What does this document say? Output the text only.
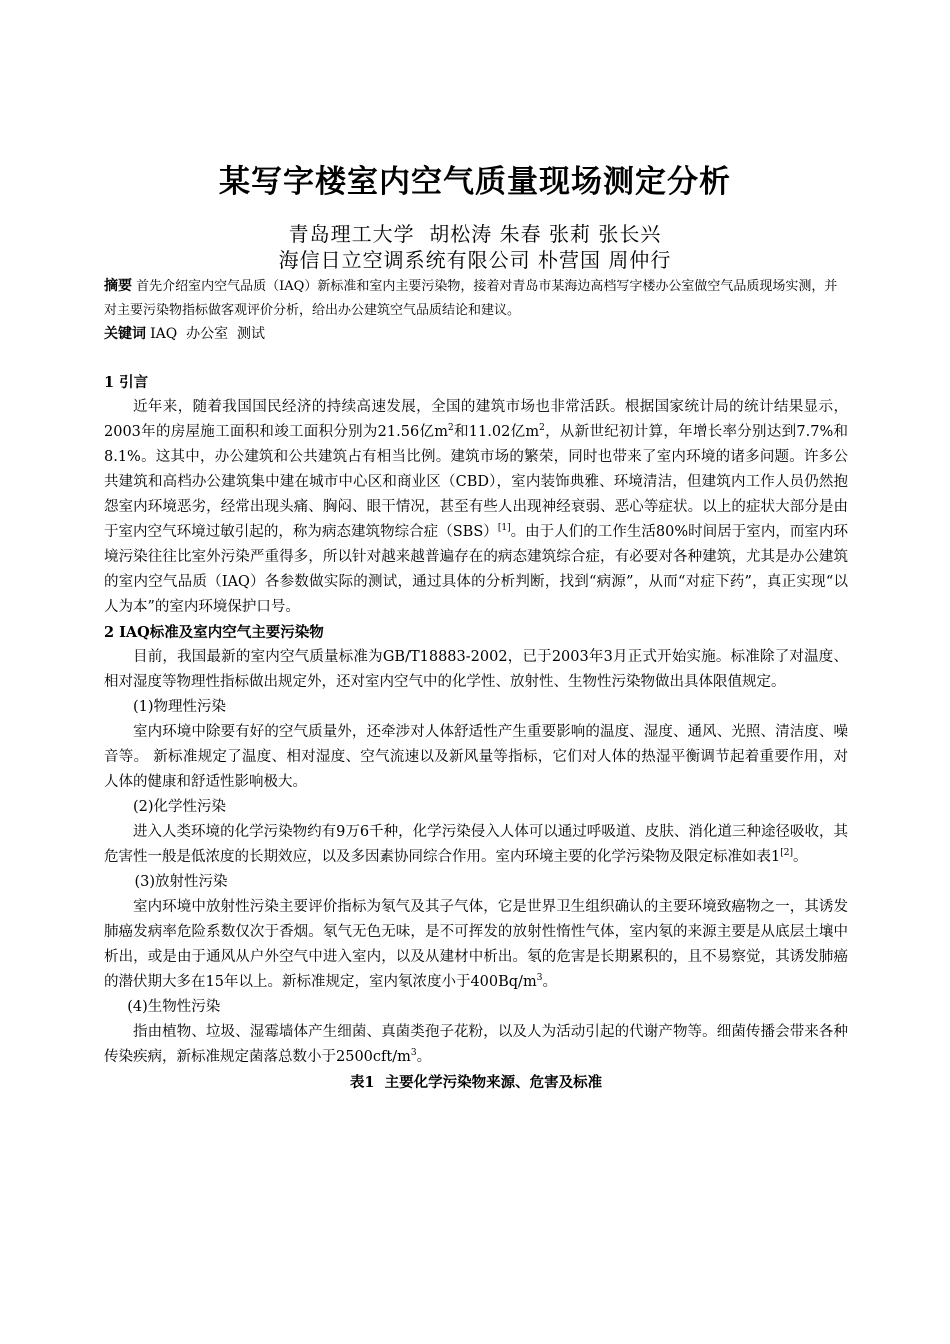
某写字楼室内空气质量现场测定分析
青岛理工大学  胡松涛 朱春 张莉 张长兴
海信日立空调系统有限公司 朴营国 周仲行
摘要 首先介绍室内空气品质（IAQ）新标准和室内主要污染物，接着对青岛市某海边高档写字楼办公室做空气品质现场实测，并对主要污染物指标做客观评价分析，给出办公建筑空气品质结论和建议。
关键词 IAQ  办公室  测试

1 引言

近年来，随着我国国民经济的持续高速发展，全国的建筑市场也非常活跃。根据国家统计局的统计结果显示，2003年的房屋施工面积和竣工面积分别为21.56亿$m^2$和11.02亿$m^2$，从新世纪初计算，年增长率分别达到7.7%和8.1%。这其中，办公建筑和公共建筑占有相当比例。建筑市场的繁荣，同时也带来了室内环境的诸多问题。许多公共建筑和高档办公建筑集中建在城市中心区和商业区（CBD），室内装饰典雅、环境清洁，但建筑内工作人员仍然抱怨室内环境恶劣，经常出现头痛、胸闷、眼干情况，甚至有些人出现神经衰弱、恶心等症状。以上的症状大部分是由于室内空气环境过敏引起的，称为病态建筑物综合症（SBS）[1]。由于人们的工作生活80%时间居于室内，而室内环境污染往往比室外污染严重得多，所以针对越来越普遍存在的病态建筑综合症，有必要对各种建筑，尤其是办公建筑的室内空气品质（IAQ）各参数做实际的测试，通过具体的分析判断，找到“病源”，从而“对症下药”，真正实现“以人为本”的室内环境保护口号。

2 IAQ标准及室内空气主要污染物

目前，我国最新的室内空气质量标准为GB/T18883-2002，已于2003年3月正式开始实施。标准除了对温度、相对湿度等物理性指标做出规定外，还对室内空气中的化学性、放射性、生物性污染物做出具体限值规定。

(1)物理性污染

室内环境中除要有好的空气质量外，还牵涉对人体舒适性产生重要影响的温度、湿度、通风、光照、清洁度、噪音等。 新标准规定了温度、相对湿度、空气流速以及新风量等指标，它们对人体的热湿平衡调节起着重要作用，对人体的健康和舒适性影响极大。

(2)化学性污染

进入人类环境的化学污染物约有9万6千种，化学污染侵入人体可以通过呼吸道、皮肤、消化道三种途径吸收，其危害性一般是低浓度的长期效应，以及多因素协同综合作用。室内环境主要的化学污染物及限定标准如表1[2]。

(3)放射性污染

室内环境中放射性污染主要评价指标为氡气及其子气体，它是世界卫生组织确认的主要环境致癌物之一，其诱发肺癌发病率危险系数仅次于香烟。氡气无色无味，是不可挥发的放射性惰性气体，室内氡的来源主要是从底层土壤中析出，或是由于通风从户外空气中进入室内，以及从建材中析出。氡的危害是长期累积的，且不易察觉，其诱发肺癌的潜伏期大多在15年以上。新标准规定，室内氡浓度小于$400Bq/m^3$。

(4)生物性污染

指由植物、垃圾、湿霉墙体产生细菌、真菌类孢子花粉，以及人为活动引起的代谢产物等。细菌传播会带来各种传染疾病，新标准规定菌落总数小于$2500cft/m^3$。

表1  主要化学污染物来源、危害及标准
